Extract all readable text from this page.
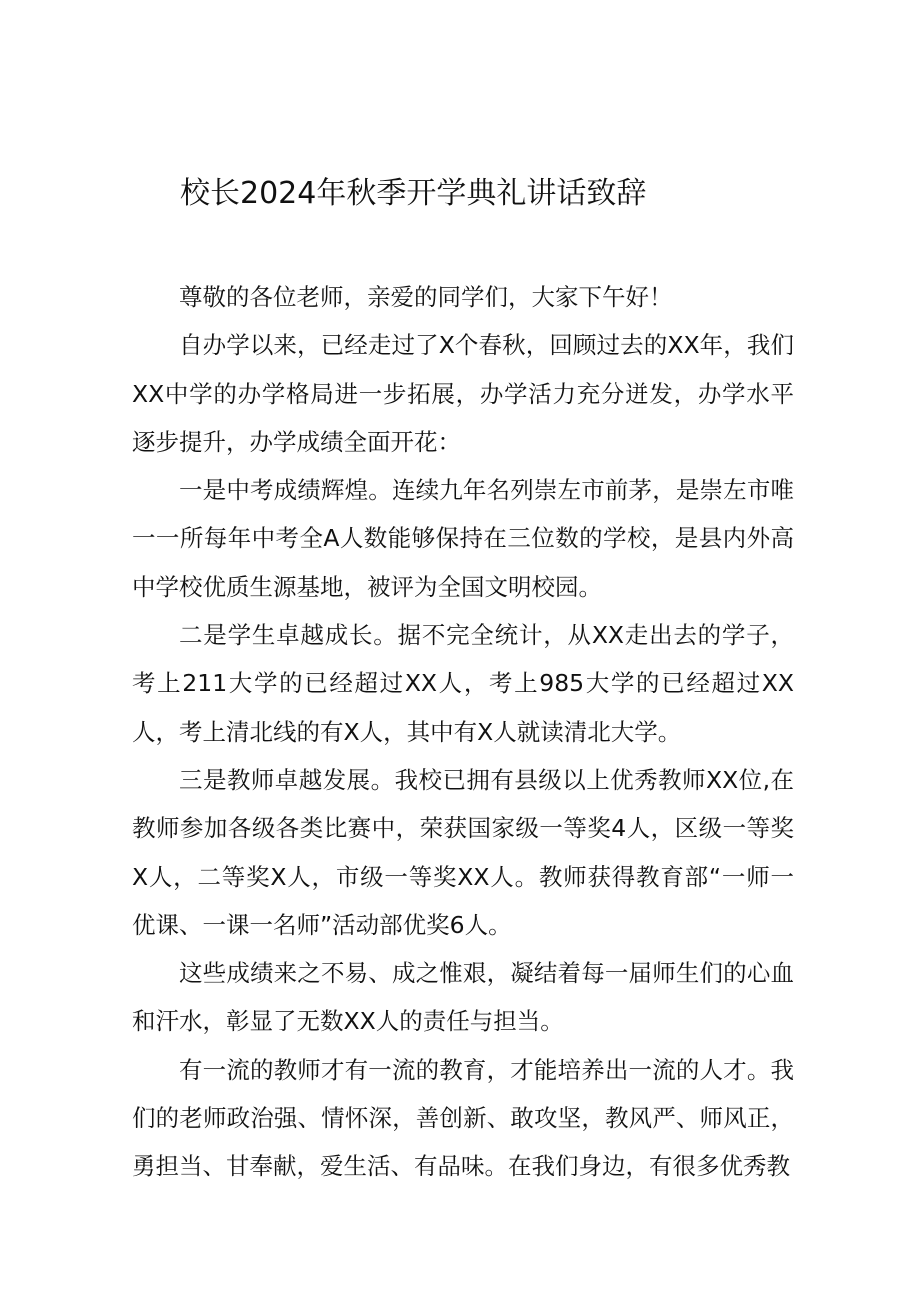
校长2024年秋季开学典礼讲话致辞

尊敬的各位老师，亲爱的同学们，大家下午好！

自办学以来，已经走过了X个春秋，回顾过去的XX年，我们XX中学的办学格局进一步拓展，办学活力充分迸发，办学水平逐步提升，办学成绩全面开花：

一是中考成绩辉煌。连续九年名列崇左市前茅，是崇左市唯一一所每年中考全A人数能够保持在三位数的学校，是县内外高中学校优质生源基地，被评为全国文明校园。

二是学生卓越成长。据不完全统计，从XX走出去的学子，考上211大学的已经超过XX人，考上985大学的已经超过XX人，考上清北线的有X人，其中有X人就读清北大学。

三是教师卓越发展。我校已拥有县级以上优秀教师XX位,在教师参加各级各类比赛中，荣获国家级一等奖4人，区级一等奖X人，二等奖X人，市级一等奖XX人。教师获得教育部“一师一优课、一课一名师”活动部优奖6人。

这些成绩来之不易、成之惟艰，凝结着每一届师生们的心血和汗水，彰显了无数XX人的责任与担当。

有一流的教师才有一流的教育，才能培养出一流的人才。我们的老师政治强、情怀深，善创新、敢攻坚，教风严、师风正，勇担当、甘奉献，爱生活、有品味。在我们身边，有很多优秀教
